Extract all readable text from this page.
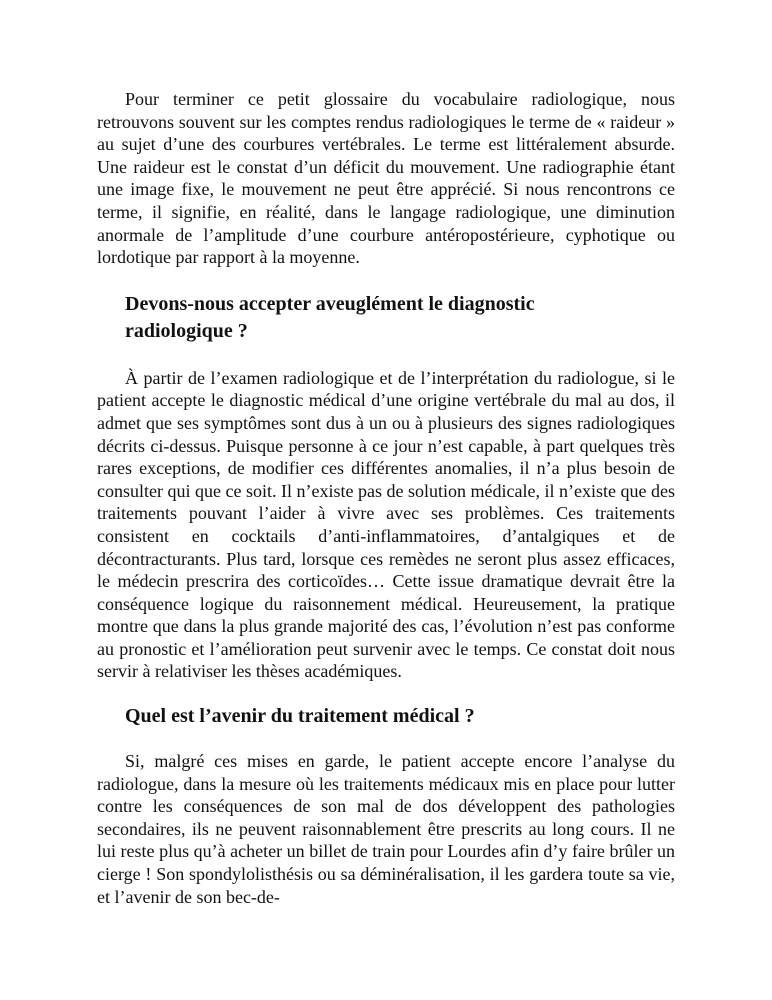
Pour terminer ce petit glossaire du vocabulaire radiologique, nous retrouvons souvent sur les comptes rendus radiologiques le terme de « raideur » au sujet d’une des courbures vertébrales. Le terme est littéralement absurde. Une raideur est le constat d’un déficit du mouvement. Une radiographie étant une image fixe, le mouvement ne peut être apprécié. Si nous rencontrons ce terme, il signifie, en réalité, dans le langage radiologique, une diminution anormale de l’amplitude d’une courbure antéropostérieure, cyphotique ou lordotique par rapport à la moyenne.

Devons-nous accepter aveuglément le diagnostic radiologique ?

À partir de l’examen radiologique et de l’interprétation du radiologue, si le patient accepte le diagnostic médical d’une origine vertébrale du mal au dos, il admet que ses symptômes sont dus à un ou à plusieurs des signes radiologiques décrits ci-dessus. Puisque personne à ce jour n’est capable, à part quelques très rares exceptions, de modifier ces différentes anomalies, il n’a plus besoin de consulter qui que ce soit. Il n’existe pas de solution médicale, il n’existe que des traitements pouvant l’aider à vivre avec ses problèmes. Ces traitements consistent en cocktails d’anti-inflammatoires, d’antalgiques et de décontracturants. Plus tard, lorsque ces remèdes ne seront plus assez efficaces, le médecin prescrira des corticoïdes… Cette issue dramatique devrait être la conséquence logique du raisonnement médical. Heureusement, la pratique montre que dans la plus grande majorité des cas, l’évolution n’est pas conforme au pronostic et l’amélioration peut survenir avec le temps. Ce constat doit nous servir à relativiser les thèses académiques.

Quel est l’avenir du traitement médical ?

Si, malgré ces mises en garde, le patient accepte encore l’analyse du radiologue, dans la mesure où les traitements médicaux mis en place pour lutter contre les conséquences de son mal de dos développent des pathologies secondaires, ils ne peuvent raisonnablement être prescrits au long cours. Il ne lui reste plus qu’à acheter un billet de train pour Lourdes afin d’y faire brûler un cierge ! Son spondylolisthésis ou sa déminéralisation, il les gardera toute sa vie, et l’avenir de son bec-de-
